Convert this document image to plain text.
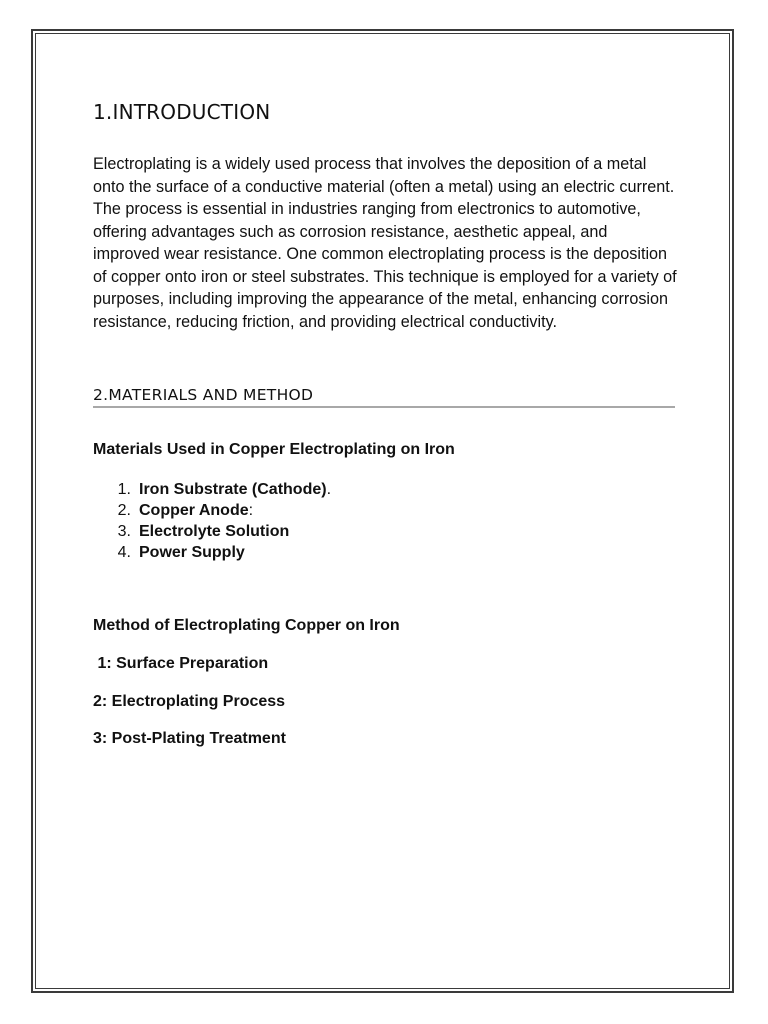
1.INTRODUCTION

Electroplating is a widely used process that involves the deposition of a metal onto the surface of a conductive material (often a metal) using an electric current. The process is essential in industries ranging from electronics to automotive, offering advantages such as corrosion resistance, aesthetic appeal, and improved wear resistance. One common electroplating process is the deposition of copper onto iron or steel substrates. This technique is employed for a variety of purposes, including improving the appearance of the metal, enhancing corrosion resistance, reducing friction, and providing electrical conductivity.

2.MATERIALS AND METHOD
Materials Used in Copper Electroplating on Iron
1. Iron Substrate (Cathode).
2. Copper Anode:
3. Electrolyte Solution
4. Power Supply
Method of Electroplating Copper on Iron
1: Surface Preparation
2: Electroplating Process
3: Post-Plating Treatment
